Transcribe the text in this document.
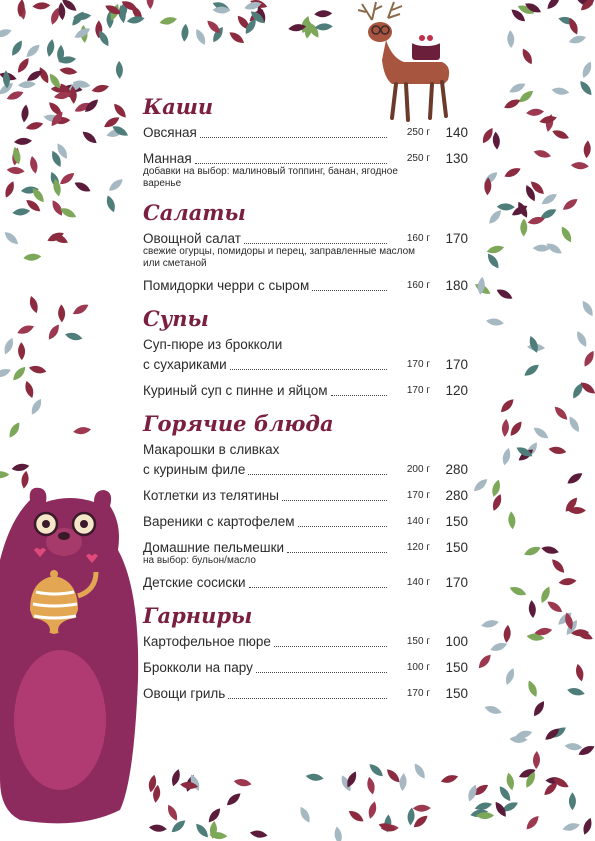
Каши
Овсяная	250 г	140
Манная	250 г	130
добавки на выбор: малиновый топпинг, банан, ягодное варенье
Салаты
Овощной салат	160 г	170
свежие огурцы, помидоры и перец, заправленные маслом или сметаной
Помидорки черри с сыром	160 г	180
Супы
Суп-пюре из брокколи
с сухариками	170 г	170
Куриный суп с пинне и яйцом	170 г	120
Горячие блюда
Макарошки в сливках
с куриным филе	200 г	280
Котлетки из телятины	170 г	280
Вареники с картофелем	140 г	150
Домашние пельмешки	120 г	150
на выбор: бульон/масло
Детские сосиски	140 г	170
Гарниры
Картофельное пюре	150 г	100
Брокколи на пару	100 г	150
Овощи гриль	170 г	150
